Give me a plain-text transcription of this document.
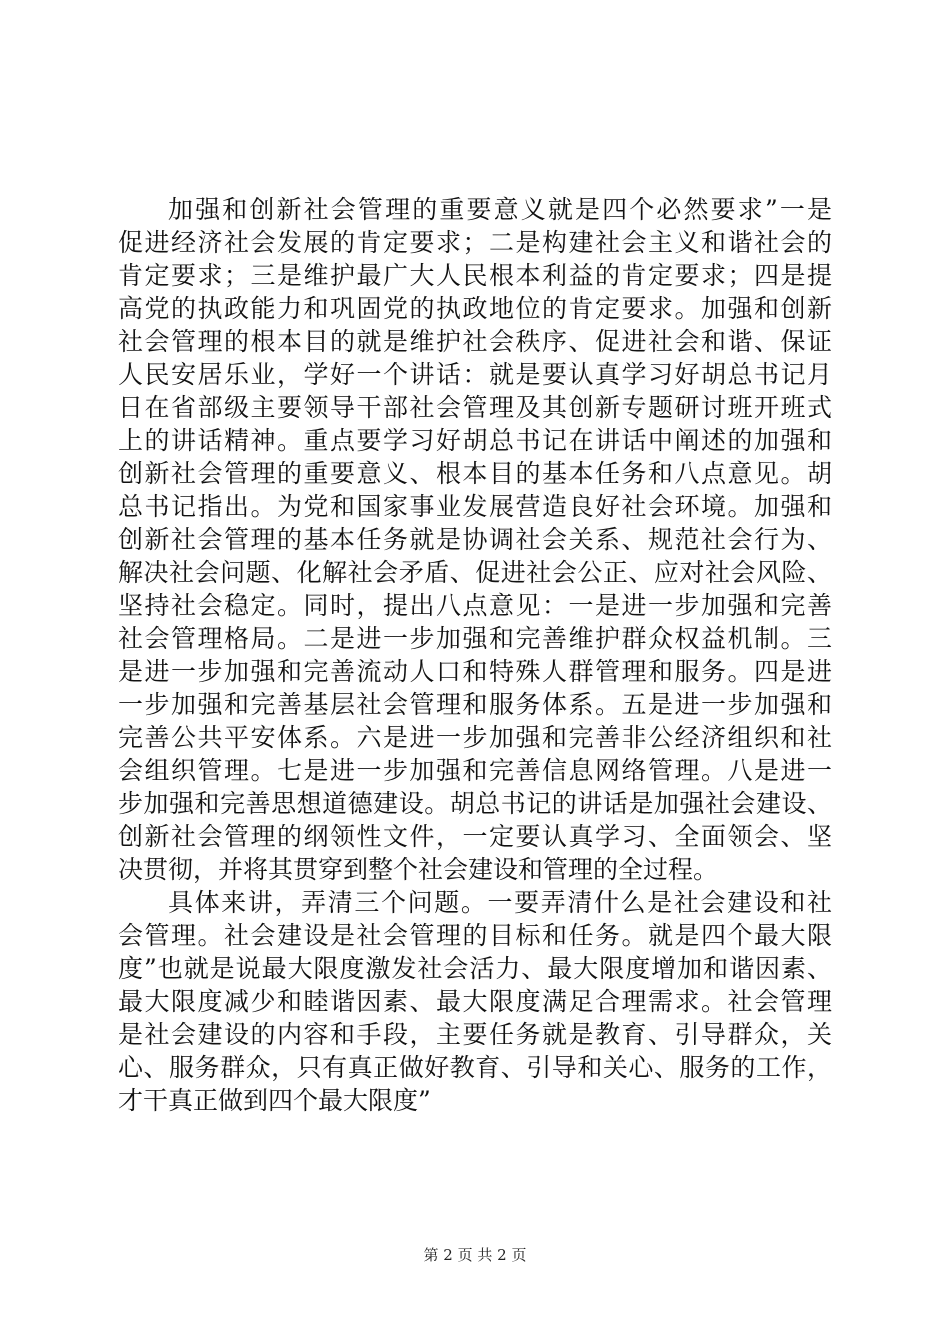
加强和创新社会管理的重要意义就是四个必然要求”一是
促进经济社会发展的肯定要求；二是构建社会主义和谐社会的
肯定要求；三是维护最广大人民根本利益的肯定要求；四是提
高党的执政能力和巩固党的执政地位的肯定要求。加强和创新
社会管理的根本目的就是维护社会秩序、促进社会和谐、保证
人民安居乐业，学好一个讲话：就是要认真学习好胡总书记月
日在省部级主要领导干部社会管理及其创新专题研讨班开班式
上的讲话精神。重点要学习好胡总书记在讲话中阐述的加强和
创新社会管理的重要意义、根本目的基本任务和八点意见。胡
总书记指出。为党和国家事业发展营造良好社会环境。加强和
创新社会管理的基本任务就是协调社会关系、规范社会行为、
解决社会问题、化解社会矛盾、促进社会公正、应对社会风险、
坚持社会稳定。同时，提出八点意见：一是进一步加强和完善
社会管理格局。二是进一步加强和完善维护群众权益机制。三
是进一步加强和完善流动人口和特殊人群管理和服务。四是进
一步加强和完善基层社会管理和服务体系。五是进一步加强和
完善公共平安体系。六是进一步加强和完善非公经济组织和社
会组织管理。七是进一步加强和完善信息网络管理。八是进一
步加强和完善思想道德建设。胡总书记的讲话是加强社会建设、
创新社会管理的纲领性文件，一定要认真学习、全面领会、坚
决贯彻，并将其贯穿到整个社会建设和管理的全过程。
具体来讲，弄清三个问题。一要弄清什么是社会建设和社
会管理。社会建设是社会管理的目标和任务。就是四个最大限
度”也就是说最大限度激发社会活力、最大限度增加和谐因素、
最大限度减少和睦谐因素、最大限度满足合理需求。社会管理
是社会建设的内容和手段，主要任务就是教育、引导群众，关
心、服务群众，只有真正做好教育、引导和关心、服务的工作，
才干真正做到四个最大限度”
第 2 页 共 2 页
